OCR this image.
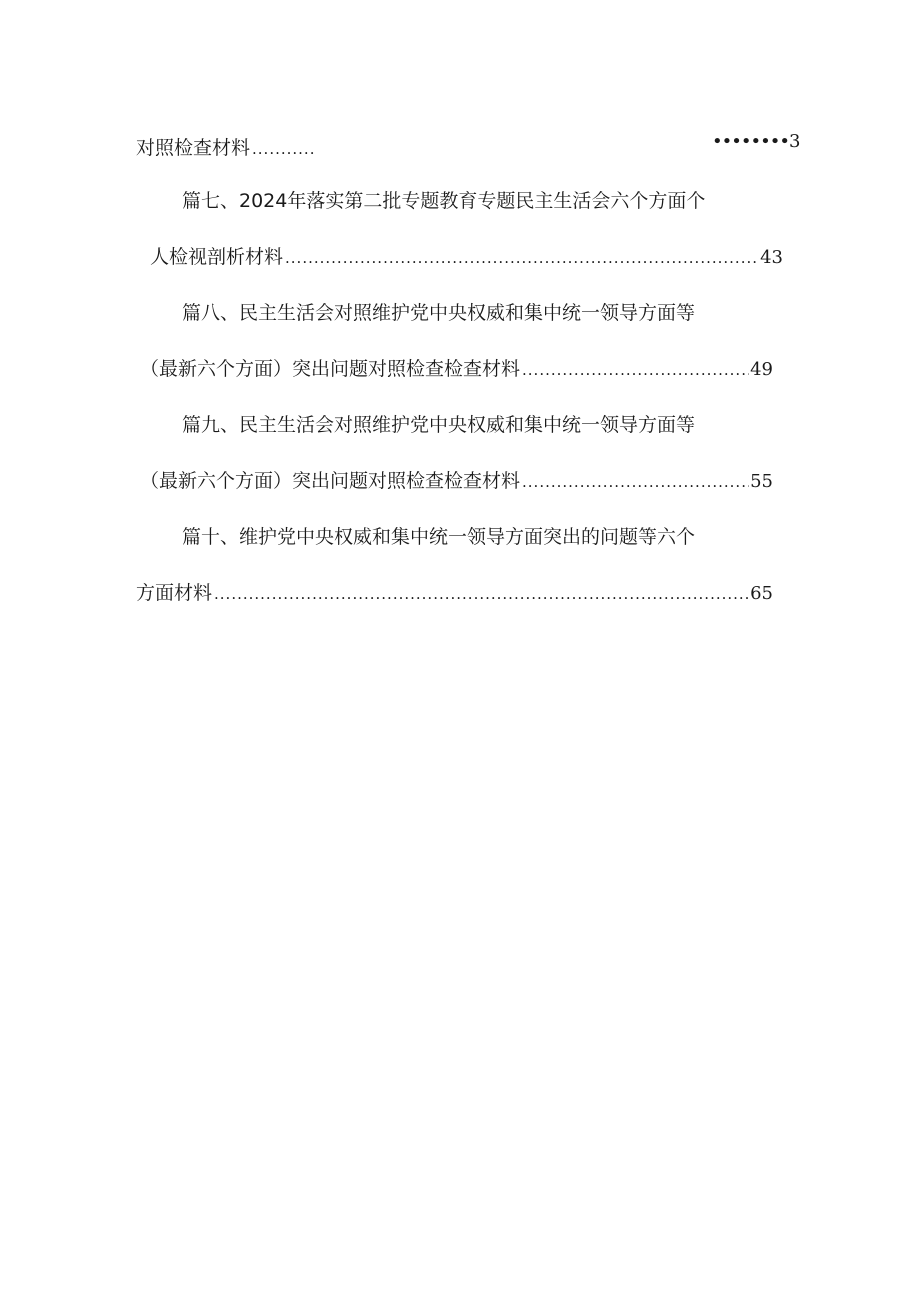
对照检查材料 ...........	••••••••3
篇七、2024年落实第二批专题教育专题民主生活会六个方面个
人检视剖析材料 .....	43
篇八、民主生活会对照维护党中央权威和集中统一领导方面等
（最新六个方面）突出问题对照检查检查材料 .....	49
篇九、民主生活会对照维护党中央权威和集中统一领导方面等
（最新六个方面）突出问题对照检查检查材料 .....	55
篇十、维护党中央权威和集中统一领导方面突出的问题等六个
方面材料 .....	65
